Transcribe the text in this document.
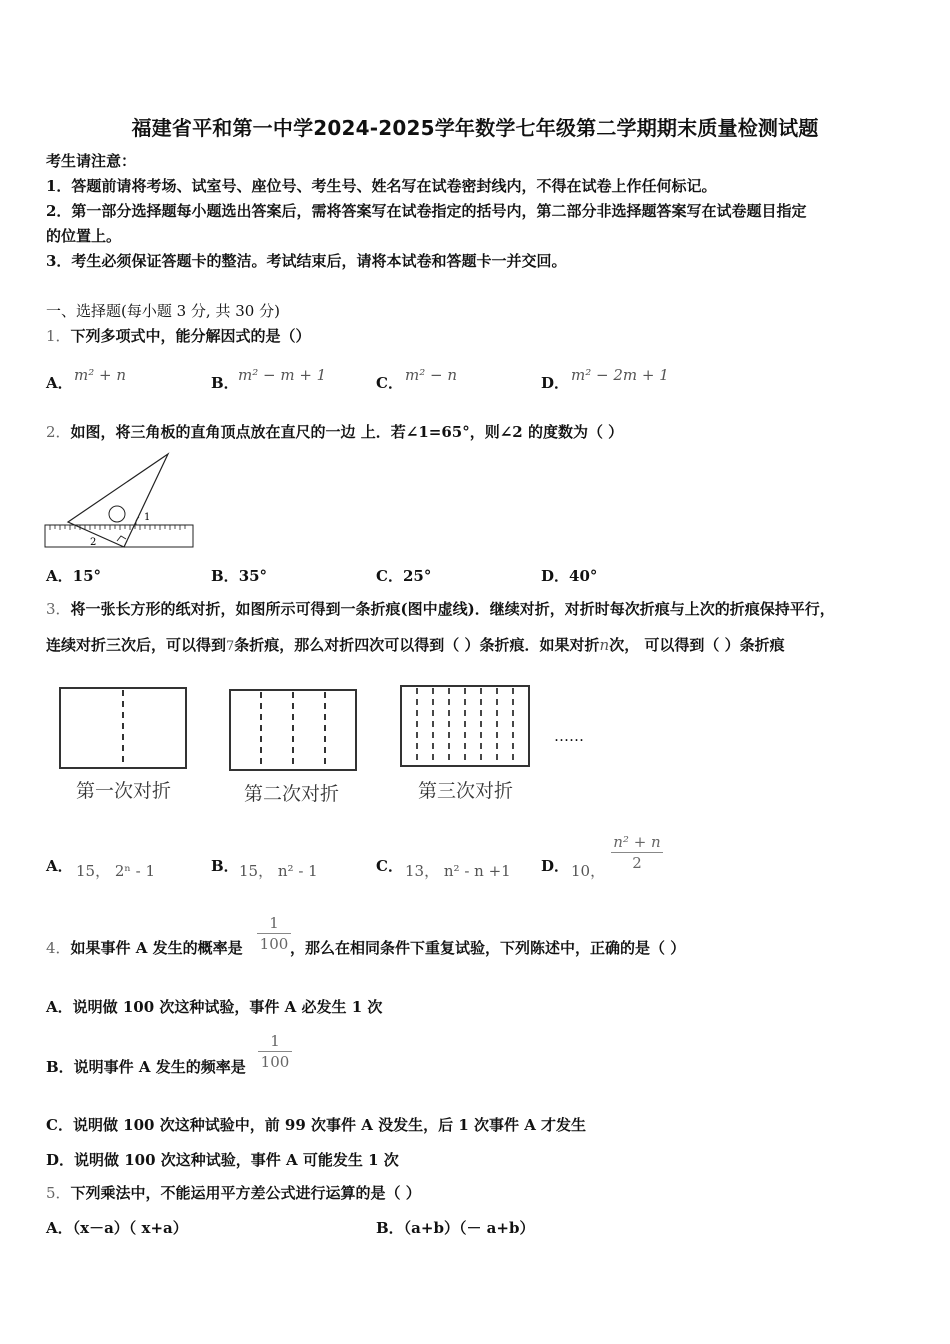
福建省平和第一中学2024-2025学年数学七年级第二学期期末质量检测试题
考生请注意：
1．答题前请将考场、试室号、座位号、考生号、姓名写在试卷密封线内，不得在试卷上作任何标记。
2．第一部分选择题每小题选出答案后，需将答案写在试卷指定的括号内，第二部分非选择题答案写在试卷题目指定
的位置上。
3．考生必须保证答题卡的整洁。考试结束后，请将本试卷和答题卡一并交回。
一、选择题(每小题 3 分, 共 30 分)
1．下列多项式中，能分解因式的是（）
A． m² + n	B． m² − m + 1	C． m² − n	D． m² − 2m + 1
2．如图，将三角板的直角顶点放在直尺的一边 上．若∠1=65°，则∠2 的度数为（ ）
1
2
A．15°	B．35°	C．25°	D．40°
3．将一张长方形的纸对折，如图所示可得到一条折痕(图中虚线)．继续对折，对折时每次折痕与上次的折痕保持平行，
连续对折三次后，可以得到7条折痕，那么对折四次可以得到（ ）条折痕．如果对折n次， 可以得到（ ）条折痕
第一次对折	第二次对折	第三次对折
……
A． 15， 2ⁿ - 1	B． 15， n² - 1	C． 13， n² - n +1 D． 10，
n² + n
2
4．如果事件 A 发生的概率是
1
100 ，那么在相同条件下重复试验，下列陈述中，正确的是（ ）
A．说明做 100 次这种试验，事件 A 必发生 1 次
B．说明事件 A 发生的频率是
1
100
C．说明做 100 次这种试验中，前 99 次事件 A 没发生，后 1 次事件 A 才发生
D．说明做 100 次这种试验，事件 A 可能发生 1 次
5．下列乘法中，不能运用平方差公式进行运算的是（ ）
A．（x－a）（ x+a）	B．（a+b）（－ a+b）
